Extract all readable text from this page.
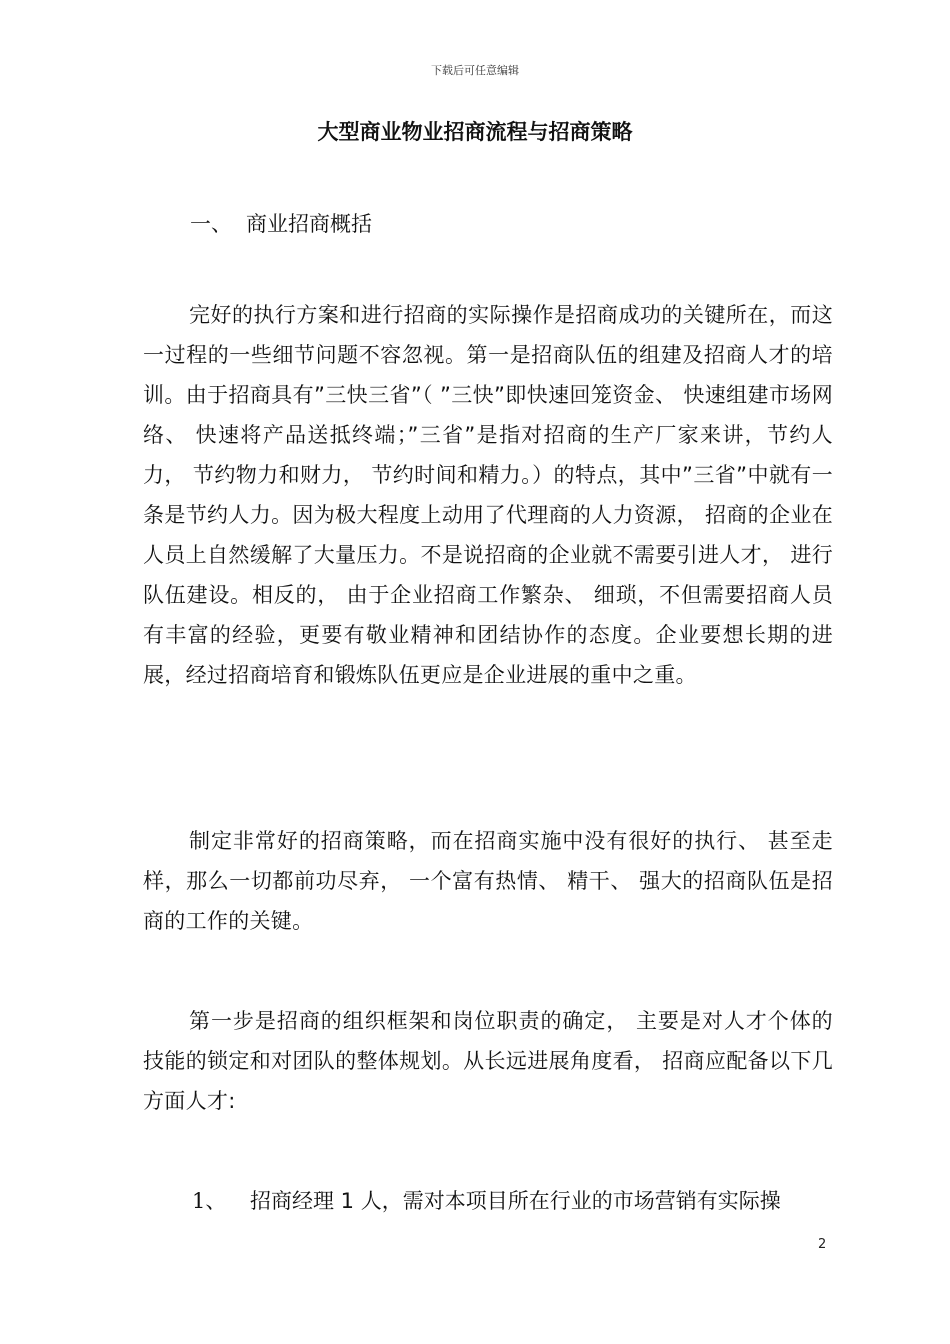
下载后可任意编辑
大型商业物业招商流程与招商策略
一、 商业招商概括
完好的执行方案和进行招商的实际操作是招商成功的关键所在，而这一过程的一些细节问题不容忽视。第一是招商队伍的组建及招商人才的培训。由于招商具有”三快三省”（ ”三快”即快速回笼资金、 快速组建市场网络、 快速将产品送抵终端；”三省”是指对招商的生产厂家来讲，节约人力， 节约物力和财力， 节约时间和精力。）的特点，其中”三省”中就有一条是节约人力。因为极大程度上动用了代理商的人力资源， 招商的企业在人员上自然缓解了大量压力。不是说招商的企业就不需要引进人才， 进行队伍建设。相反的， 由于企业招商工作繁杂、 细琐，不但需要招商人员有丰富的经验，更要有敬业精神和团结协作的态度。企业要想长期的进展，经过招商培育和锻炼队伍更应是企业进展的重中之重。
制定非常好的招商策略，而在招商实施中没有很好的执行、 甚至走样，那么一切都前功尽弃， 一个富有热情、 精干、 强大的招商队伍是招商的工作的关键。
第一步是招商的组织框架和岗位职责的确定， 主要是对人才个体的技能的锁定和对团队的整体规划。从长远进展角度看， 招商应配备以下几方面人才:
1、 招商经理 1 人，需对本项目所在行业的市场营销有实际操
2
